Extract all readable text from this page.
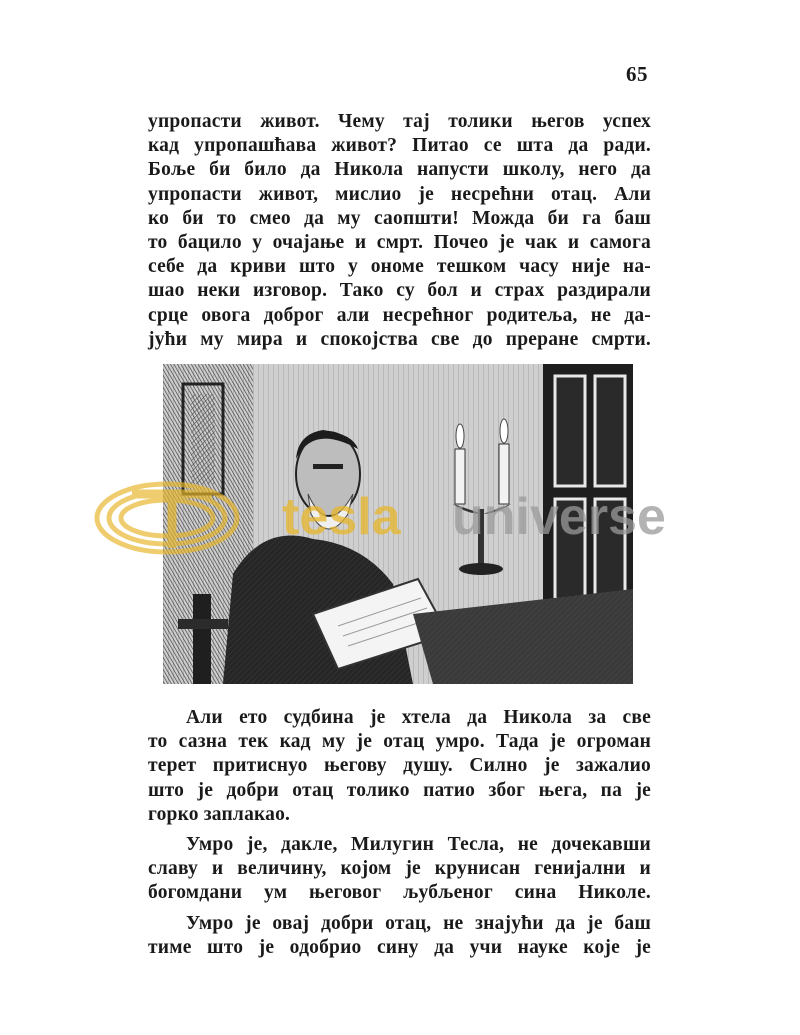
65
упропасти живот. Чему тај толики његов успех
кад упропашћава живот? Питао се шта да ради.
Боље би било да Никола напусти школу, него да
упропасти живот, мислио је несрећни отац. Али
ко би то смео да му саопшти! Можда би га баш
то бацило у очајање и смрт. Почео је чак и самога
себе да криви што у ономе тешком часу није на-
шао неки изговор. Тако су бол и страх раздирали
срце овога доброг али несрећног родитеља, не да-
јући му мира и спокојства све до прерaне смрти.
tesla universe
Али ето судбина је хтела да Никола за све
то сазна тек кад му је отац умро. Тада је огроман
терет притиснуо његову душу. Силно је зажалио
што је добри отац толико патио због њега, па је
горко заплакао.
Умро је, дакле, Милугин Тесла, не дочекавши
славу и величину, којом је крунисан генијални и
богомдани ум његовог љубљеног сина Николе.
Умро је овај добри отац, не знајући да је баш
тиме што је одобрио сину да учи науке које је
